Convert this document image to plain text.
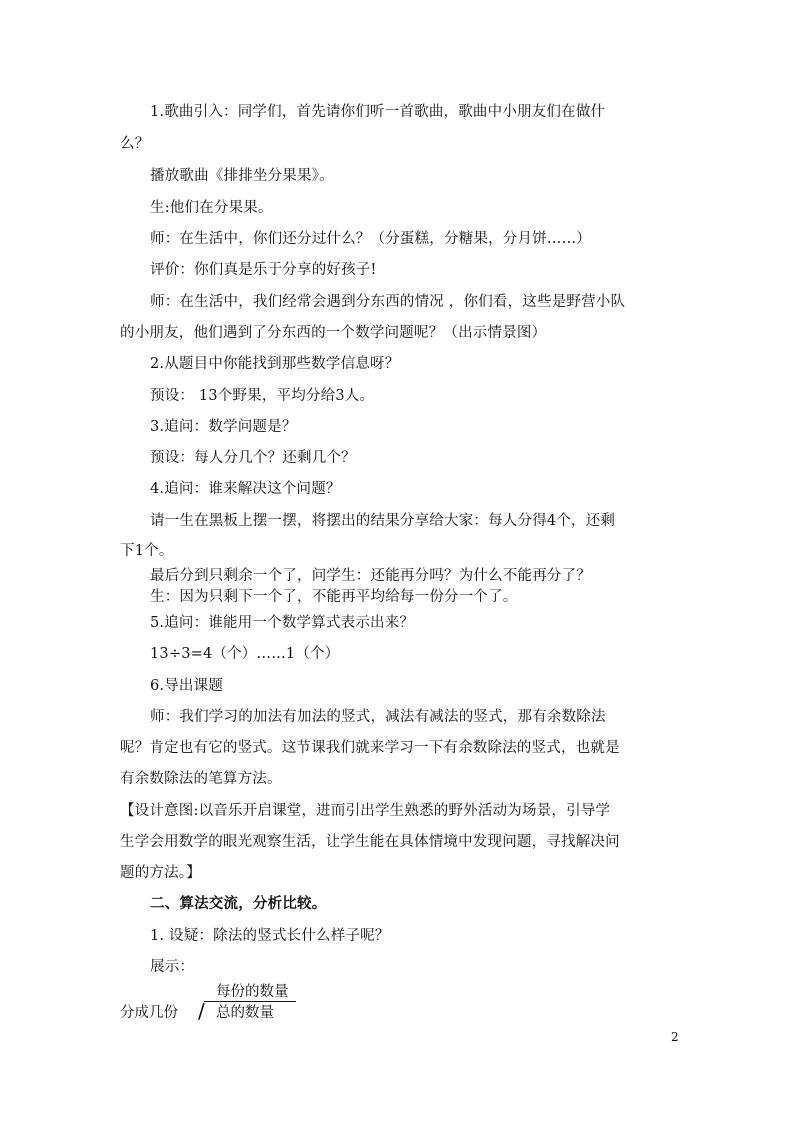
1.歌曲引入：同学们，首先请你们听一首歌曲，歌曲中小朋友们在做什
么？
播放歌曲《排排坐分果果》。
生:他们在分果果。
师：在生活中，你们还分过什么？（分蛋糕，分糖果，分月饼……）
评价：你们真是乐于分享的好孩子!
师：在生活中，我们经常会遇到分东西的情况 ，你们看，这些是野营小队
的小朋友，他们遇到了分东西的一个数学问题呢？（出示情景图）
2.从题目中你能找到那些数学信息呀？
预设： 13个野果，平均分给3人。
3.追问：数学问题是？
预设：每人分几个？还剩几个？
4.追问：谁来解决这个问题？
请一生在黑板上摆一摆，将摆出的结果分享给大家：每人分得4个，还剩
下1个。
最后分到只剩余一个了，问学生：还能再分吗？为什么不能再分了？
生：因为只剩下一个了，不能再平均给每一份分一个了。
5.追问：谁能用一个数学算式表示出来？
13÷3=4（个）……1（个）
6.导出课题
师：我们学习的加法有加法的竖式，减法有减法的竖式，那有余数除法
呢？肯定也有它的竖式。这节课我们就来学习一下有余数除法的竖式，也就是
有余数除法的笔算方法。
【设计意图:以音乐开启课堂，进而引出学生熟悉的野外活动为场景，引导学
生学会用数学的眼光观察生活，让学生能在具体情境中发现问题，寻找解决问
题的方法。】
二、算法交流，分析比较。
1. 设疑：除法的竖式长什么样子呢？
展示：
每份的数量
/
分成几份	总的数量
2
